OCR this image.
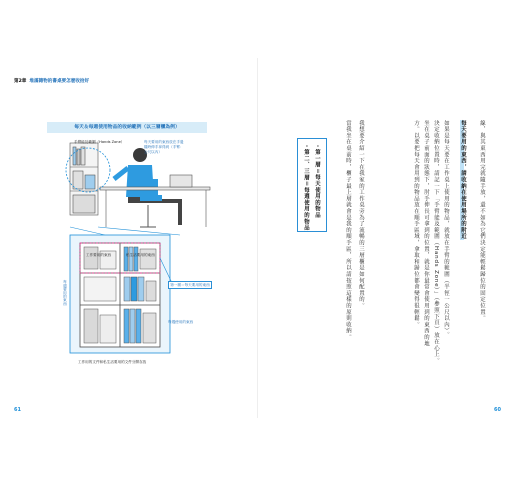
第2章 堆滿雜物的書桌要怎麼收拾好
每天＆每週使用物品的收納範例（以三層櫃為例）
手臂能及範圍（Hands Zone）	每天要用的東西放在手邊
隨時伸手拿得到（手臂：
公尺以內）
工作要用的東西	私生活要用的東西
每週要用的東西	第一層＝每天要用的東西
每週使用的東西
工作用的文件和私生活要用的文件分開存放
線，與其東西用完就隨手放，還不如為它們決定能輕鬆歸位的固定位置。
每天要用的東西，請收納在使用場所的附近
如果是每天要在工作桌上使用的物品，就放在手臂的範圍（半徑一公尺以內）。
決定收納位置時，請記一下「手臂能及範圍（Hands Zone）」（參照下頁）放在心上。
坐在桌子前面的狀態下，肘手伸長可拿到的位置，就是你最常會使用到的東西的地
方。以要把每天會用到的物品放在順手區域，拿取和歸位都會變得很輕鬆。
我想要介紹一下在我家的工作桌旁為了流暢的三層櫃是如何配置的。
當我坐在桌前時，櫃子最上層就會是我的順手區，所以請按照這樣的原則收納。
・第一層＝每天使用的物品
・第二、三層＝每週使用的物品
61	60
